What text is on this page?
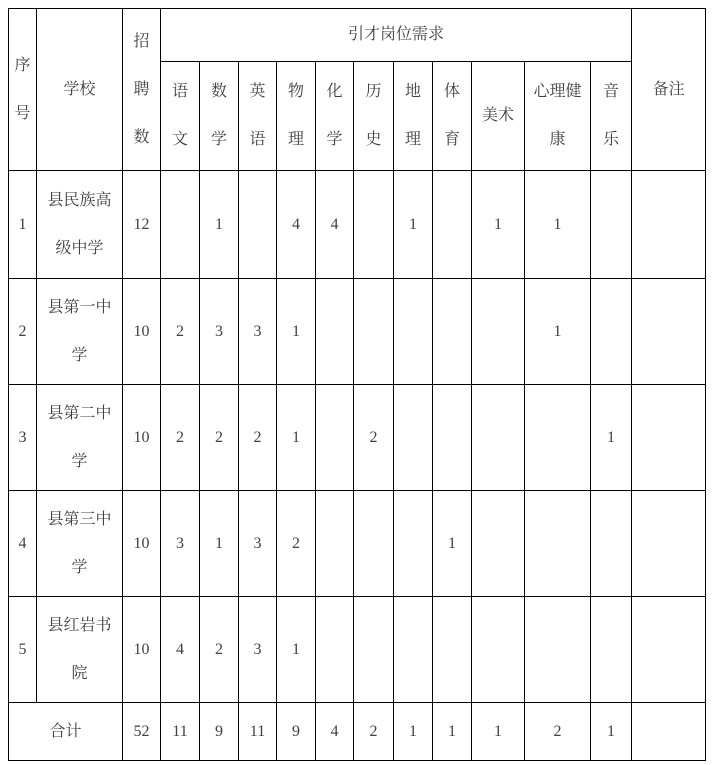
序号	学校	招聘数	引才岗位需求											备注
			语文	数学	英语	物理	化学	历史	地理	体育	美术	心理健康	音乐	
1	县民族高级中学	12		1		4	4		1		1	1		
2	县第一中学	10	2	3	3	1						1		
3	县第二中学	10	2	2	2	1		2					1	
4	县第三中学	10	3	1	3	2				1				
5	县红岩书院	10	4	2	3	1								
合计		52	11	9	11	9	4	2	1	1	1	2	1	
